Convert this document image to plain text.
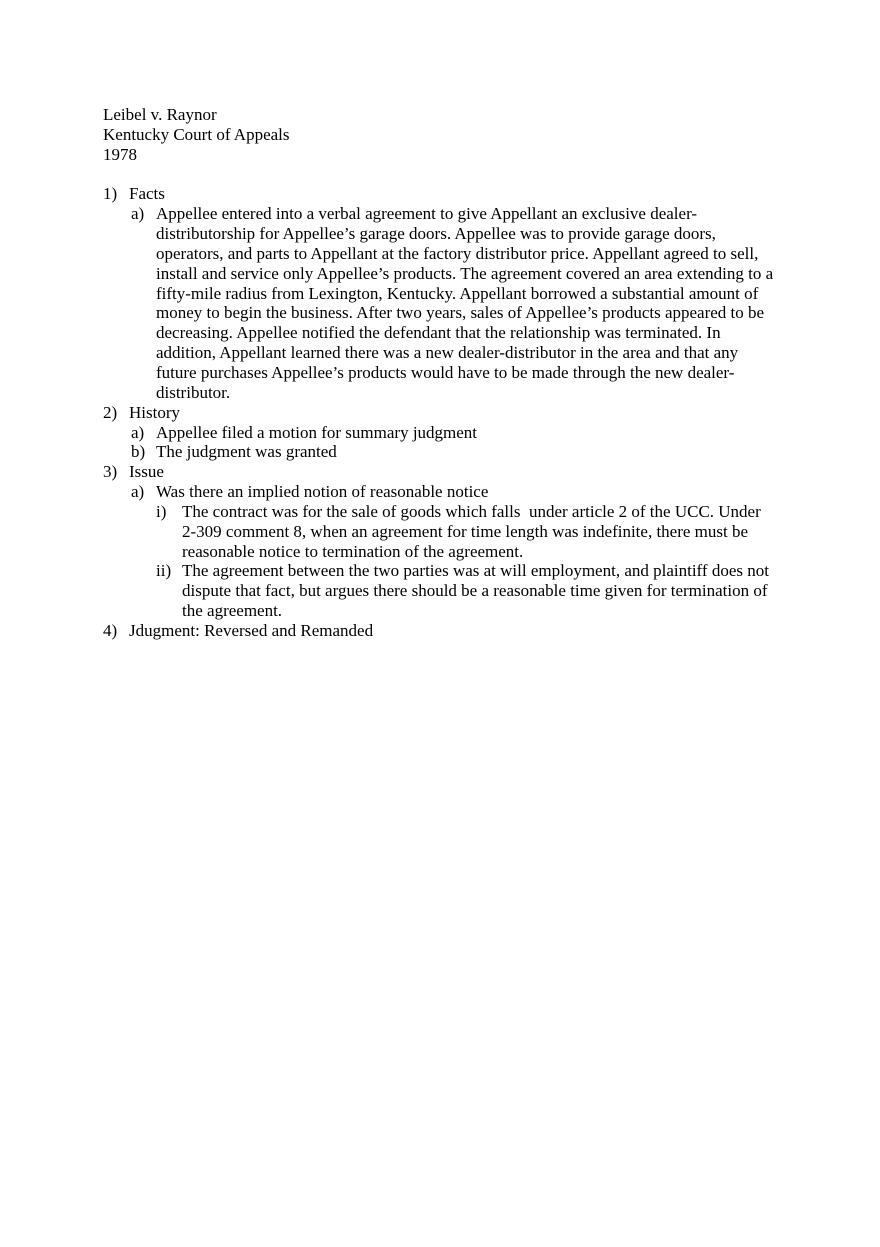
Leibel v. Raynor
Kentucky Court of Appeals
1978
1) Facts
a) Appellee entered into a verbal agreement to give Appellant an exclusive dealer-distributorship for Appellee’s garage doors. Appellee was to provide garage doors, operators, and parts to Appellant at the factory distributor price. Appellant agreed to sell, install and service only Appellee’s products. The agreement covered an area extending to a fifty-mile radius from Lexington, Kentucky. Appellant borrowed a substantial amount of money to begin the business. After two years, sales of Appellee’s products appeared to be decreasing. Appellee notified the defendant that the relationship was terminated. In addition, Appellant learned there was a new dealer-distributor in the area and that any future purchases Appellee’s products would have to be made through the new dealer-distributor.
2) History
a) Appellee filed a motion for summary judgment
b) The judgment was granted
3) Issue
a) Was there an implied notion of reasonable notice
i) The contract was for the sale of goods which falls  under article 2 of the UCC. Under 2-309 comment 8, when an agreement for time length was indefinite, there must be reasonable notice to termination of the agreement.
ii) The agreement between the two parties was at will employment, and plaintiff does not dispute that fact, but argues there should be a reasonable time given for termination of the agreement.
4) Jdugment: Reversed and Remanded
